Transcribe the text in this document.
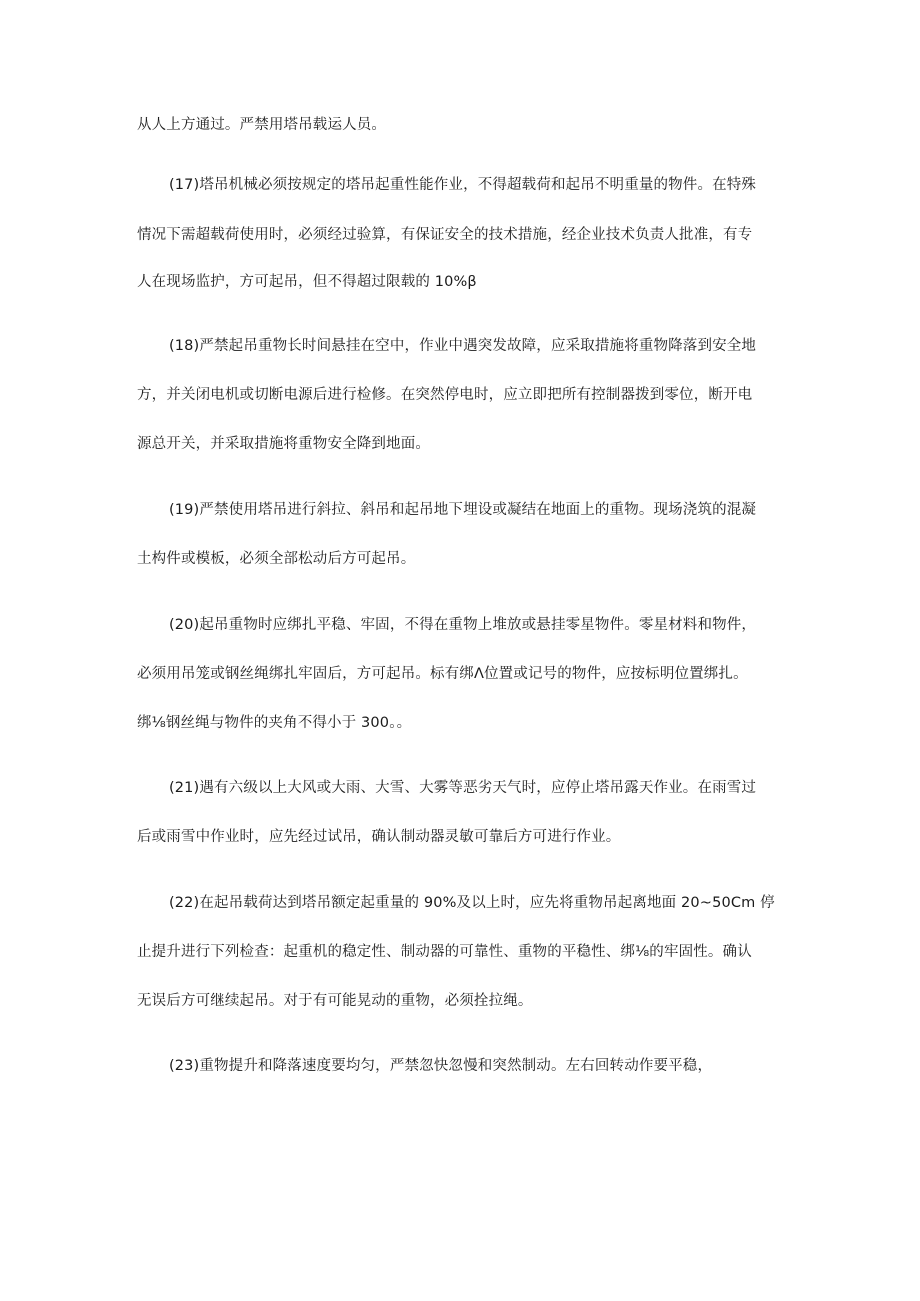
从人上方通过。严禁用塔吊载运人员。
(17)塔吊机械必须按规定的塔吊起重性能作业，不得超载荷和起吊不明重量的物件。在特殊
情况下需超载荷使用时，必须经过验算，有保证安全的技术措施，经企业技术负责人批准，有专
人在现场监护，方可起吊，但不得超过限载的 10%β
(18)严禁起吊重物长时间悬挂在空中，作业中遇突发故障，应采取措施将重物降落到安全地
方，并关闭电机或切断电源后进行检修。在突然停电时，应立即把所有控制器拨到零位，断开电
源总开关，并采取措施将重物安全降到地面。
(19)严禁使用塔吊进行斜拉、斜吊和起吊地下埋设或凝结在地面上的重物。现场浇筑的混凝
土构件或模板，必须全部松动后方可起吊。
(20)起吊重物时应绑扎平稳、牢固，不得在重物上堆放或悬挂零星物件。零星材料和物件，
必须用吊笼或钢丝绳绑扎牢固后，方可起吊。标有绑Λ位置或记号的物件，应按标明位置绑扎。
绑⅛钢丝绳与物件的夹角不得小于 300。。
(21)遇有六级以上大风或大雨、大雪、大雾等恶劣天气时，应停止塔吊露天作业。在雨雪过
后或雨雪中作业时，应先经过试吊，确认制动器灵敏可靠后方可进行作业。
(22)在起吊载荷达到塔吊额定起重量的 90%及以上时，应先将重物吊起离地面 20~50Cm 停
止提升进行下列检查：起重机的稳定性、制动器的可靠性、重物的平稳性、绑⅛的牢固性。确认
无误后方可继续起吊。对于有可能晃动的重物，必须拴拉绳。
(23)重物提升和降落速度要均匀，严禁忽快忽慢和突然制动。左右回转动作要平稳，
